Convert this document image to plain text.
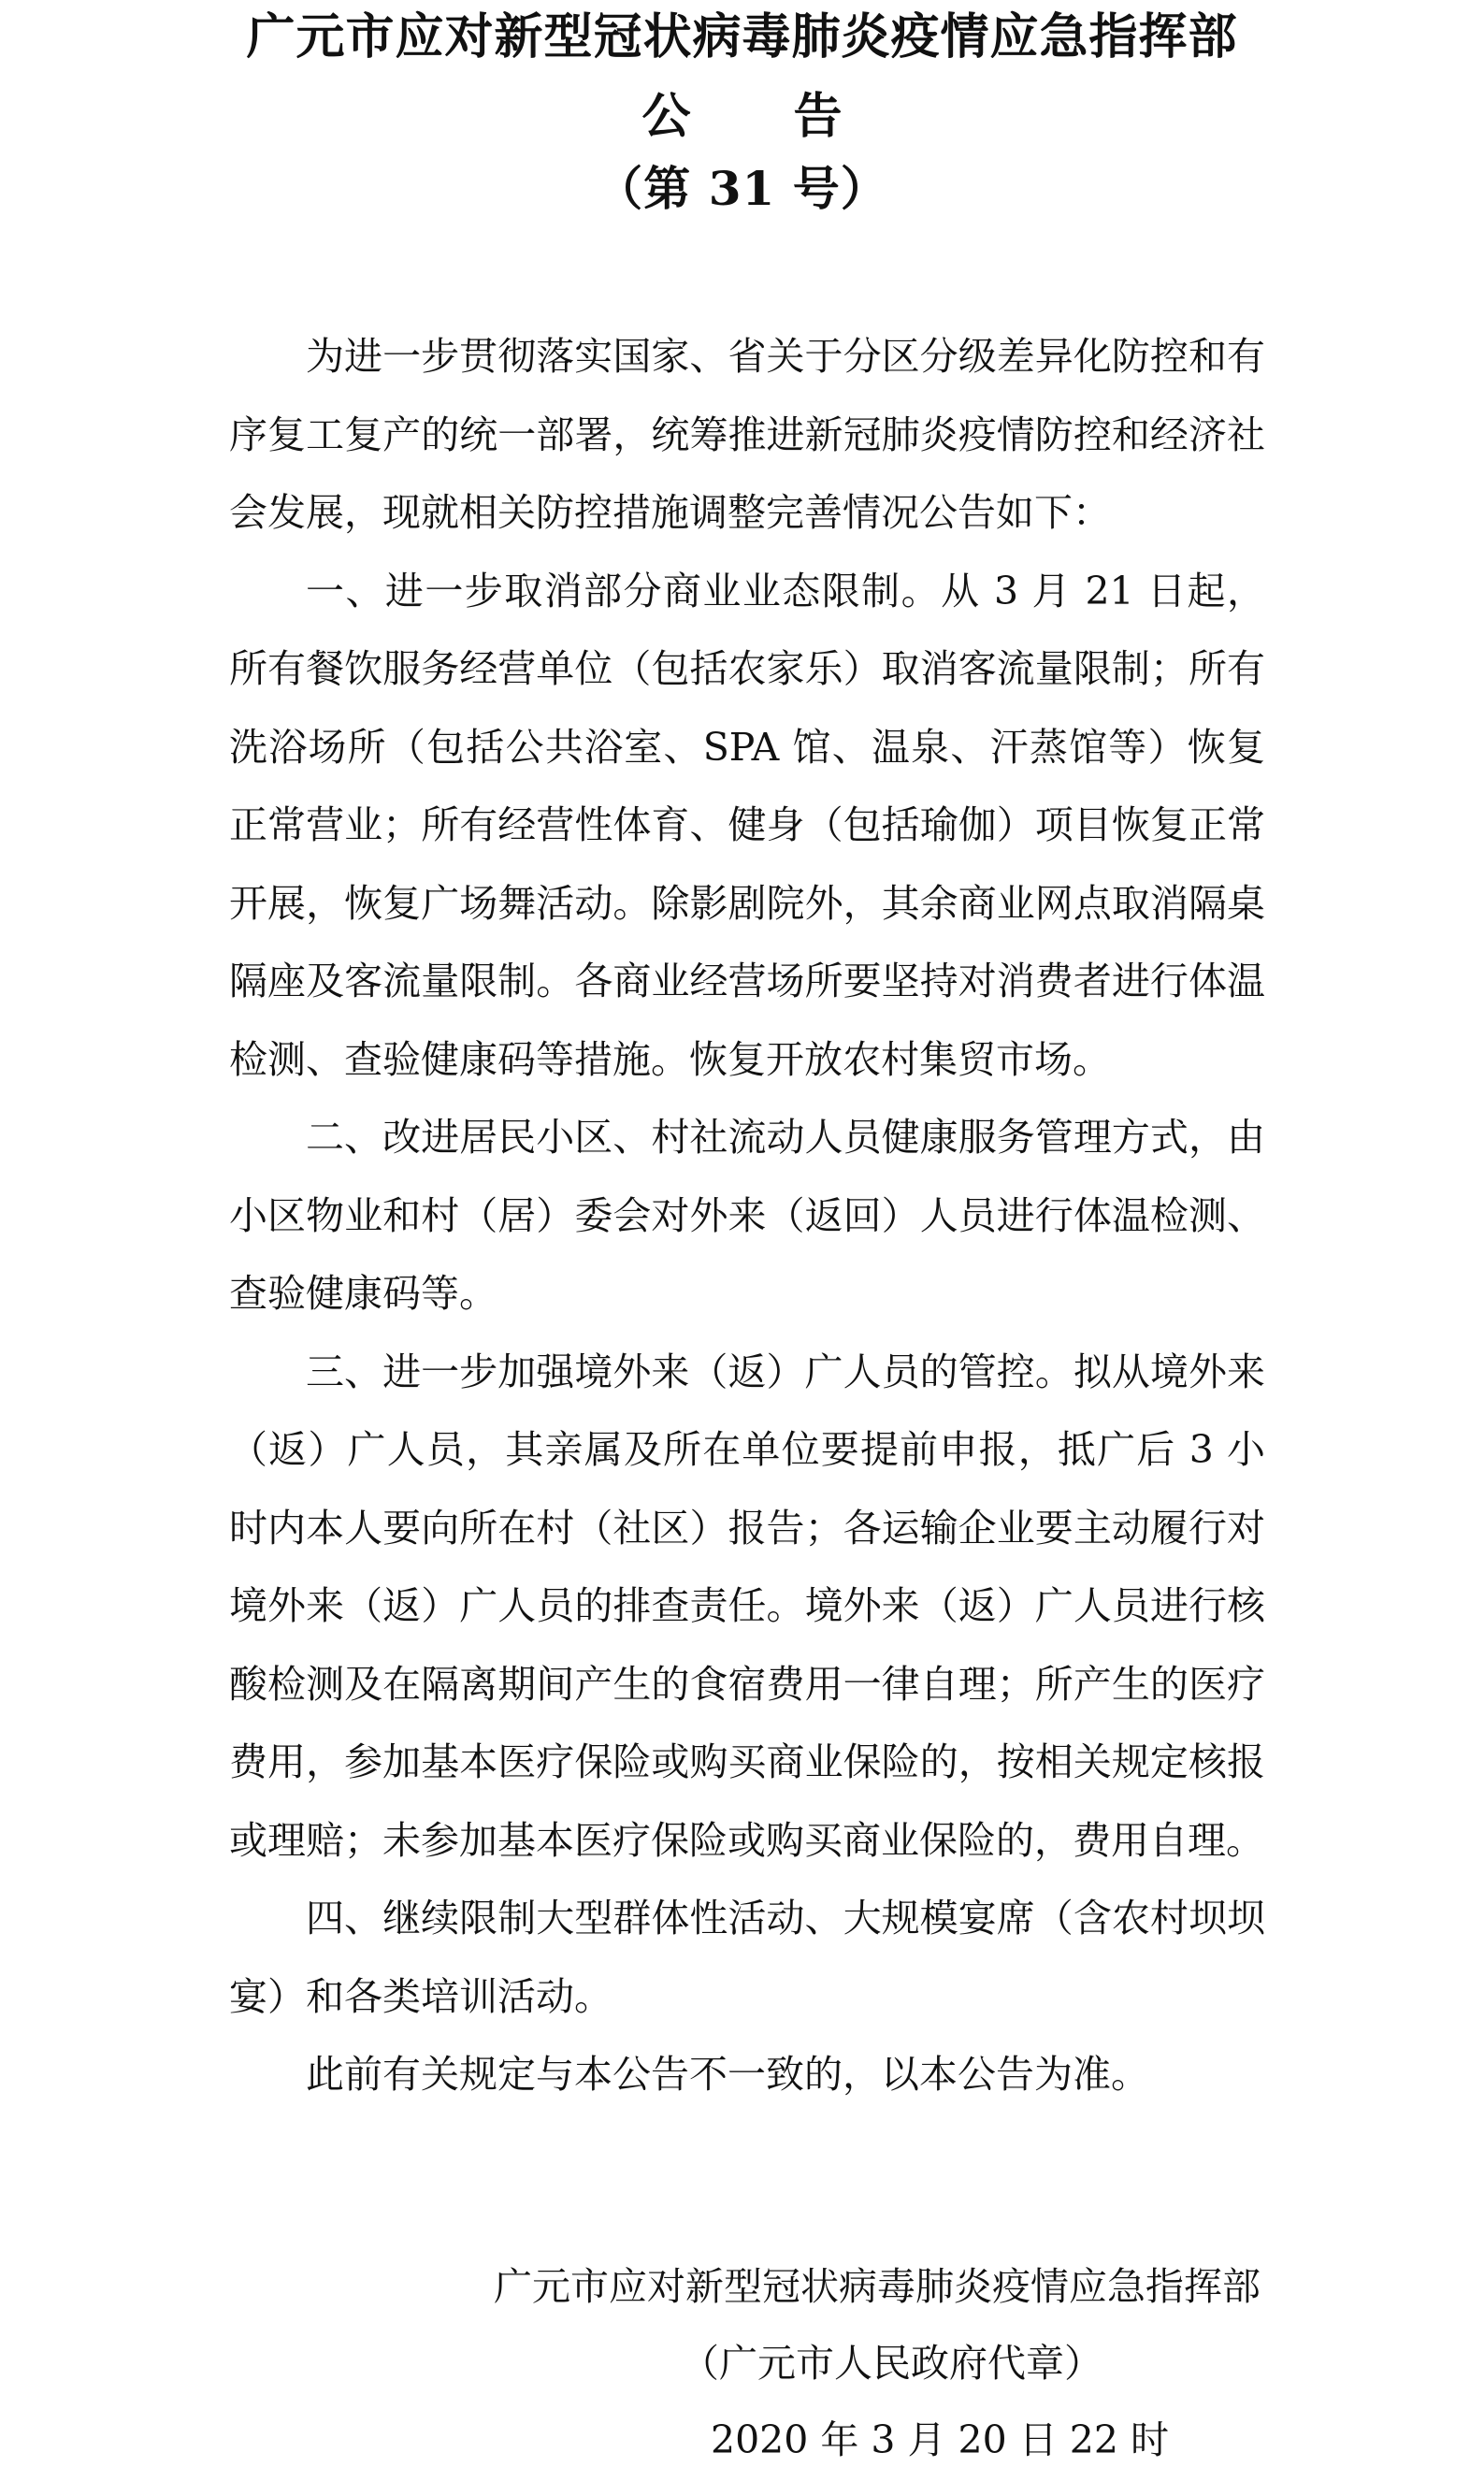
广元市应对新型冠状病毒肺炎疫情应急指挥部
公 告
（第 31 号）

为进一步贯彻落实国家、省关于分区分级差异化防控和有序复工复产的统一部署，统筹推进新冠肺炎疫情防控和经济社会发展，现就相关防控措施调整完善情况公告如下：

一、进一步取消部分商业业态限制。从 3 月 21 日起，所有餐饮服务经营单位（包括农家乐）取消客流量限制；所有洗浴场所（包括公共浴室、SPA 馆、温泉、汗蒸馆等）恢复正常营业；所有经营性体育、健身（包括瑜伽）项目恢复正常开展，恢复广场舞活动。除影剧院外，其余商业网点取消隔桌隔座及客流量限制。各商业经营场所要坚持对消费者进行体温检测、查验健康码等措施。恢复开放农村集贸市场。

二、改进居民小区、村社流动人员健康服务管理方式，由小区物业和村（居）委会对外来（返回）人员进行体温检测、查验健康码等。

三、进一步加强境外来（返）广人员的管控。拟从境外来（返）广人员，其亲属及所在单位要提前申报，抵广后 3 小时内本人要向所在村（社区）报告；各运输企业要主动履行对境外来（返）广人员的排查责任。境外来（返）广人员进行核酸检测及在隔离期间产生的食宿费用一律自理；所产生的医疗费用，参加基本医疗保险或购买商业保险的，按相关规定核报或理赔；未参加基本医疗保险或购买商业保险的，费用自理。

四、继续限制大型群体性活动、大规模宴席（含农村坝坝宴）和各类培训活动。

此前有关规定与本公告不一致的，以本公告为准。

广元市应对新型冠状病毒肺炎疫情应急指挥部
（广元市人民政府代章）
2020 年 3 月 20 日 22 时
